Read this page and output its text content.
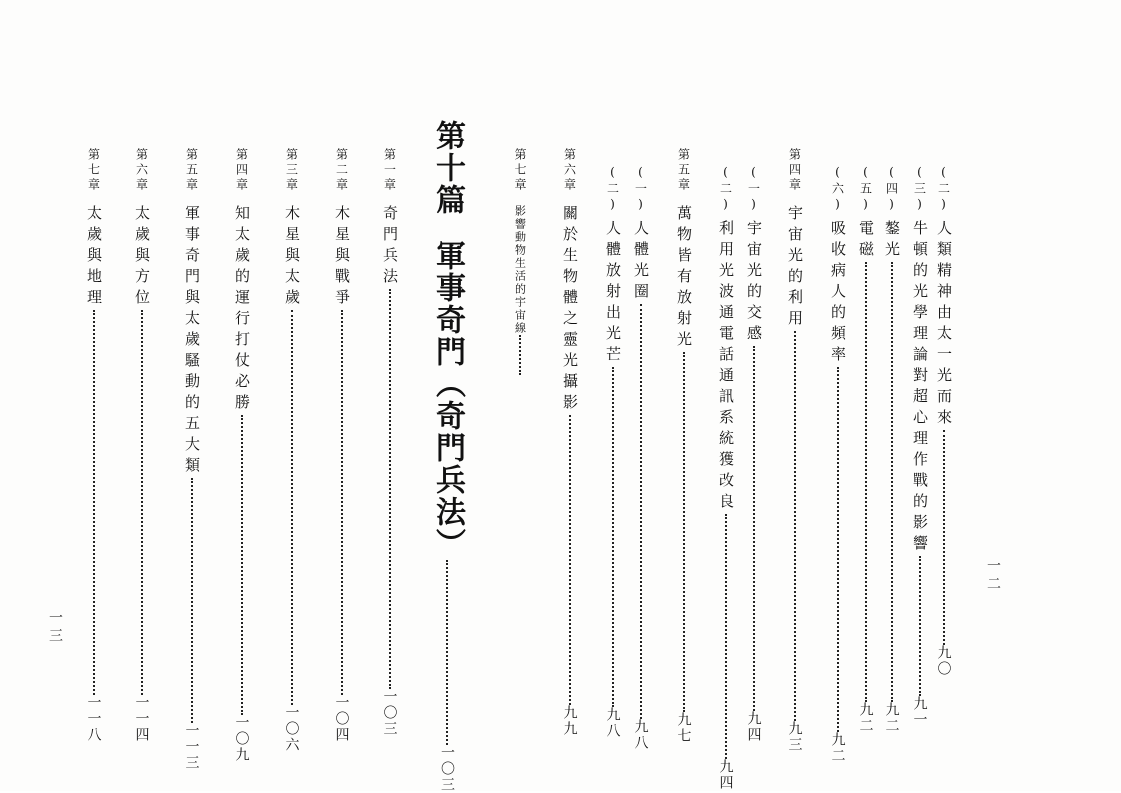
(二)
人類精神由太一光而來
九〇
(三)
牛頓的光學理論對超心理作戰的影響
九一
(四)
鏊光
九二
(五)
電磁
九二
(六)
吸收病人的頻率
九二
第四章
宇宙光的利用
九三
(一)
宇宙光的交感
九四
(二)
利用光波通電話通訊系統獲改良
九四
第五章
萬物皆有放射光
九七
(一)
人體光圈
九八
(二)
人體放射出光芒
九八
第六章
關於生物體之靈光攝影
九九
第七章
影響動物生活的宇宙線
一二
第十篇
軍事奇門（奇門兵法）
一〇三
第一章
奇門兵法
一〇三
第二章
木星與戰爭
一〇四
第三章
木星與太歲
一〇六
第四章
知太歲的運行打仗必勝
一〇九
第五章
軍事奇門與太歲騷動的五大類
一一三
第六章
太歲與方位
一一四
第七章
太歲與地理
一一八
一三
